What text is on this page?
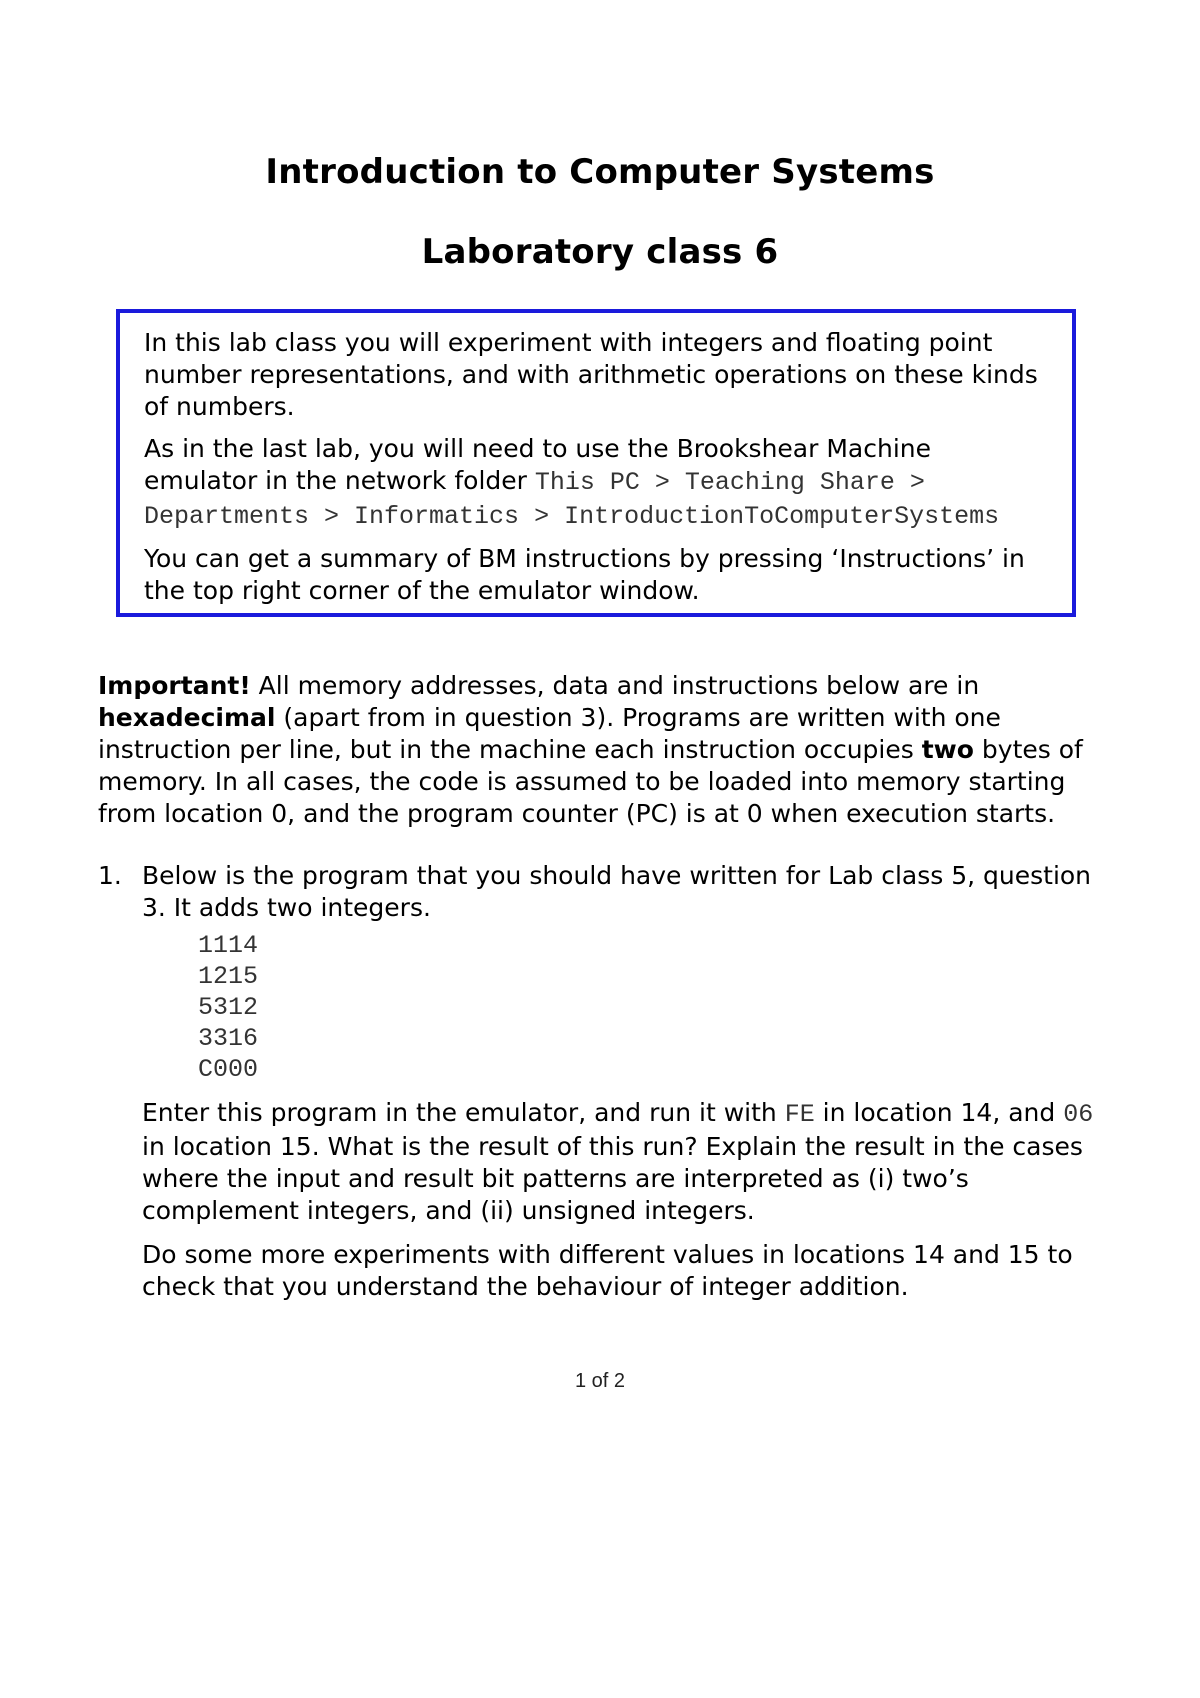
Introduction to Computer Systems
Laboratory class 6

In this lab class you will experiment with integers and floating point number representations, and with arithmetic operations on these kinds of numbers.

As in the last lab, you will need to use the Brookshear Machine emulator in the network folder This PC > Teaching Share > Departments > Informatics > IntroductionToComputerSystems

You can get a summary of BM instructions by pressing ‘Instructions’ in the top right corner of the emulator window.

Important! All memory addresses, data and instructions below are in hexadecimal (apart from in question 3). Programs are written with one instruction per line, but in the machine each instruction occupies two bytes of memory. In all cases, the code is assumed to be loaded into memory starting from location 0, and the program counter (PC) is at 0 when execution starts.

1. Below is the program that you should have written for Lab class 5, question 3. It adds two integers.

1114
1215
5312
3316
C000

Enter this program in the emulator, and run it with FE in location 14, and 06 in location 15. What is the result of this run? Explain the result in the cases where the input and result bit patterns are interpreted as (i) two’s complement integers, and (ii) unsigned integers.

Do some more experiments with different values in locations 14 and 15 to check that you understand the behaviour of integer addition.

1 of 2
